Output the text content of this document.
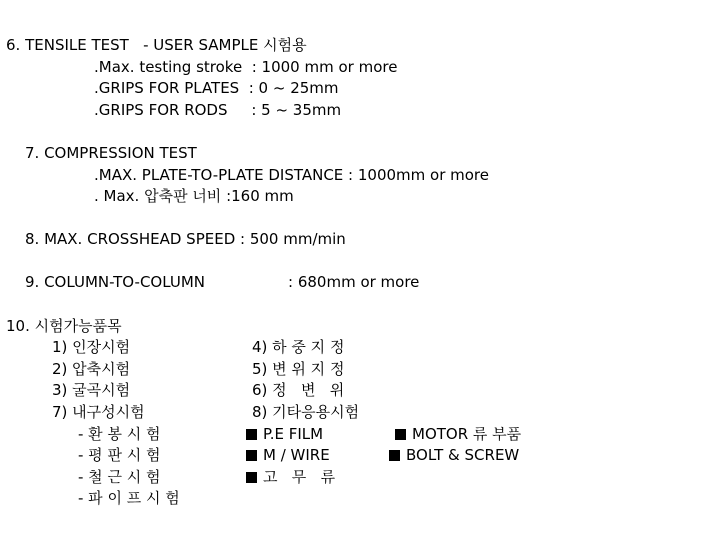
6. TENSILE TEST   - USER SAMPLE 시험용
.Max. testing stroke  : 1000 mm or more
.GRIPS FOR PLATES  : 0 ~ 25mm
.GRIPS FOR RODS     : 5 ~ 35mm
7. COMPRESSION TEST
.MAX. PLATE-TO-PLATE DISTANCE : 1000mm or more
. Max. 압축판 너비 :160 mm
8. MAX. CROSSHEAD SPEED : 500 mm/min
9. COLUMN-TO-COLUMN	: 680mm or more
10. 시험가능품목
1) 인장시험
2) 압축시험
3) 굴곡시험
7) 내구성시험
4) 하 중 지 정
5) 변 위 지 정
6) 정   변   위
8) 기타응용시험
- 환 봉 시 험
- 평 판 시 험
- 철 근 시 험
- 파 이 프 시 험
P.E FILM
M / WIRE
고   무   류
MOTOR 류 부품
BOLT & SCREW
